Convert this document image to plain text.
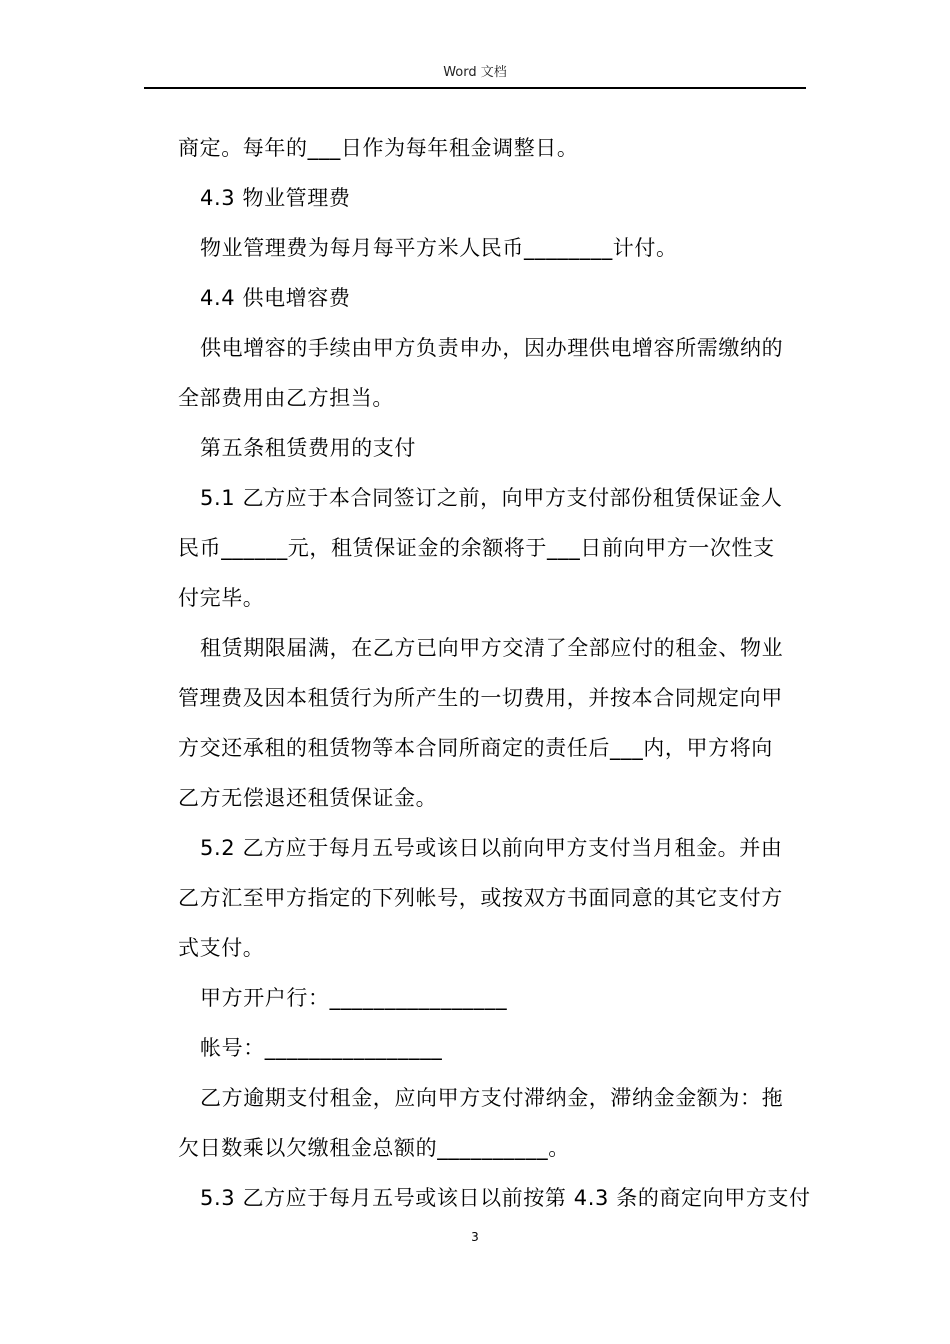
Word 文档

商定。每年的___日作为每年租金调整日。

4.3 物业管理费

物业管理费为每月每平方米人民币________计付。

4.4 供电增容费

供电增容的手续由甲方负责申办，因办理供电增容所需缴纳的

全部费用由乙方担当。

第五条租赁费用的支付

5.1 乙方应于本合同签订之前，向甲方支付部份租赁保证金人

民币______元，租赁保证金的余额将于___日前向甲方一次性支

付完毕。

租赁期限届满，在乙方已向甲方交清了全部应付的租金、物业

管理费及因本租赁行为所产生的一切费用，并按本合同规定向甲

方交还承租的租赁物等本合同所商定的责任后___内，甲方将向

乙方无偿退还租赁保证金。

5.2 乙方应于每月五号或该日以前向甲方支付当月租金。并由

乙方汇至甲方指定的下列帐号，或按双方书面同意的其它支付方

式支付。

甲方开户行：________________

帐号：________________

乙方逾期支付租金，应向甲方支付滞纳金，滞纳金金额为：拖

欠日数乘以欠缴租金总额的__________。

5.3 乙方应于每月五号或该日以前按第 4.3 条的商定向甲方支付

3
